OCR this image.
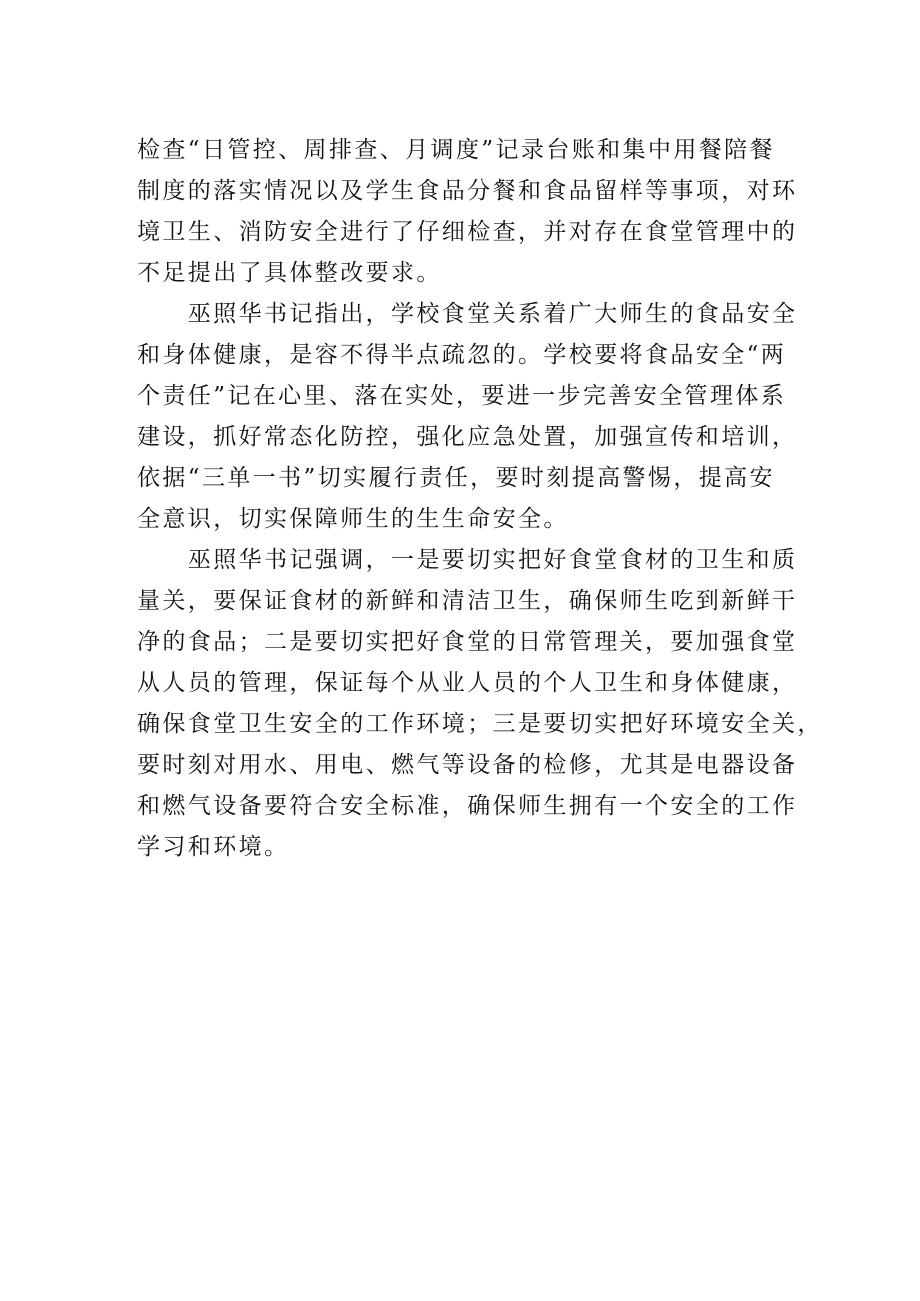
检查“日管控、周排查、月调度”记录台账和集中用餐陪餐
制度的落实情况以及学生食品分餐和食品留样等事项，对环
境卫生、消防安全进行了仔细检查，并对存在食堂管理中的
不足提出了具体整改要求。
　　巫照华书记指出，学校食堂关系着广大师生的食品安全
和身体健康，是容不得半点疏忽的。学校要将食品安全“两
个责任”记在心里、落在实处，要进一步完善安全管理体系
建设，抓好常态化防控，强化应急处置，加强宣传和培训，
依据“三单一书”切实履行责任，要时刻提高警惕，提高安
全意识，切实保障师生的生生命安全。
　　巫照华书记强调，一是要切实把好食堂食材的卫生和质
量关，要保证食材的新鲜和清洁卫生，确保师生吃到新鲜干
净的食品；二是要切实把好食堂的日常管理关，要加强食堂
从人员的管理，保证每个从业人员的个人卫生和身体健康，
确保食堂卫生安全的工作环境；三是要切实把好环境安全关，
要时刻对用水、用电、燃气等设备的检修，尤其是电器设备
和燃气设备要符合安全标准，确保师生拥有一个安全的工作
学习和环境。
